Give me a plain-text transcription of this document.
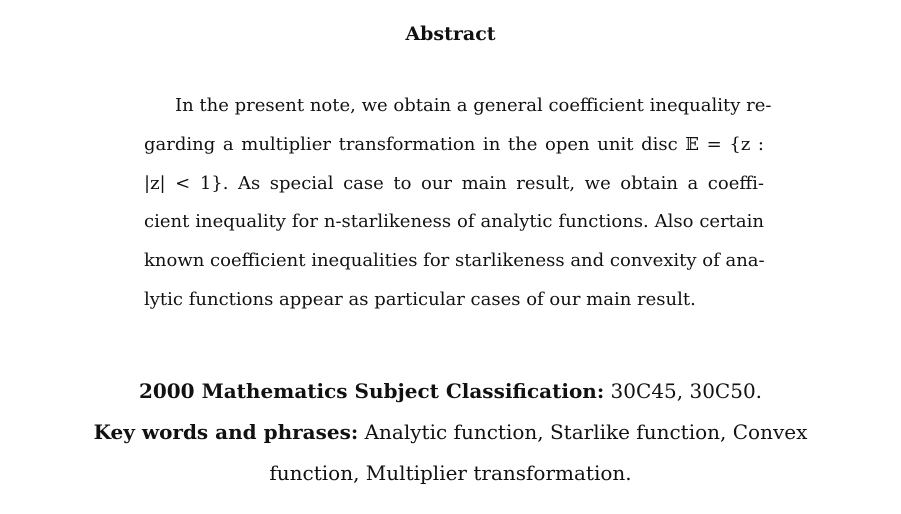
Abstract
In the present note, we obtain a general coefficient inequality re-
garding a multiplier transformation in the open unit disc 𝔼 = {z :
|z| < 1}. As special case to our main result, we obtain a coeffi-
cient inequality for n-starlikeness of analytic functions. Also certain
known coefficient inequalities for starlikeness and convexity of ana-
lytic functions appear as particular cases of our main result.
2000 Mathematics Subject Classification: 30C45, 30C50.
Key words and phrases: Analytic function, Starlike function, Convex
function, Multiplier transformation.
